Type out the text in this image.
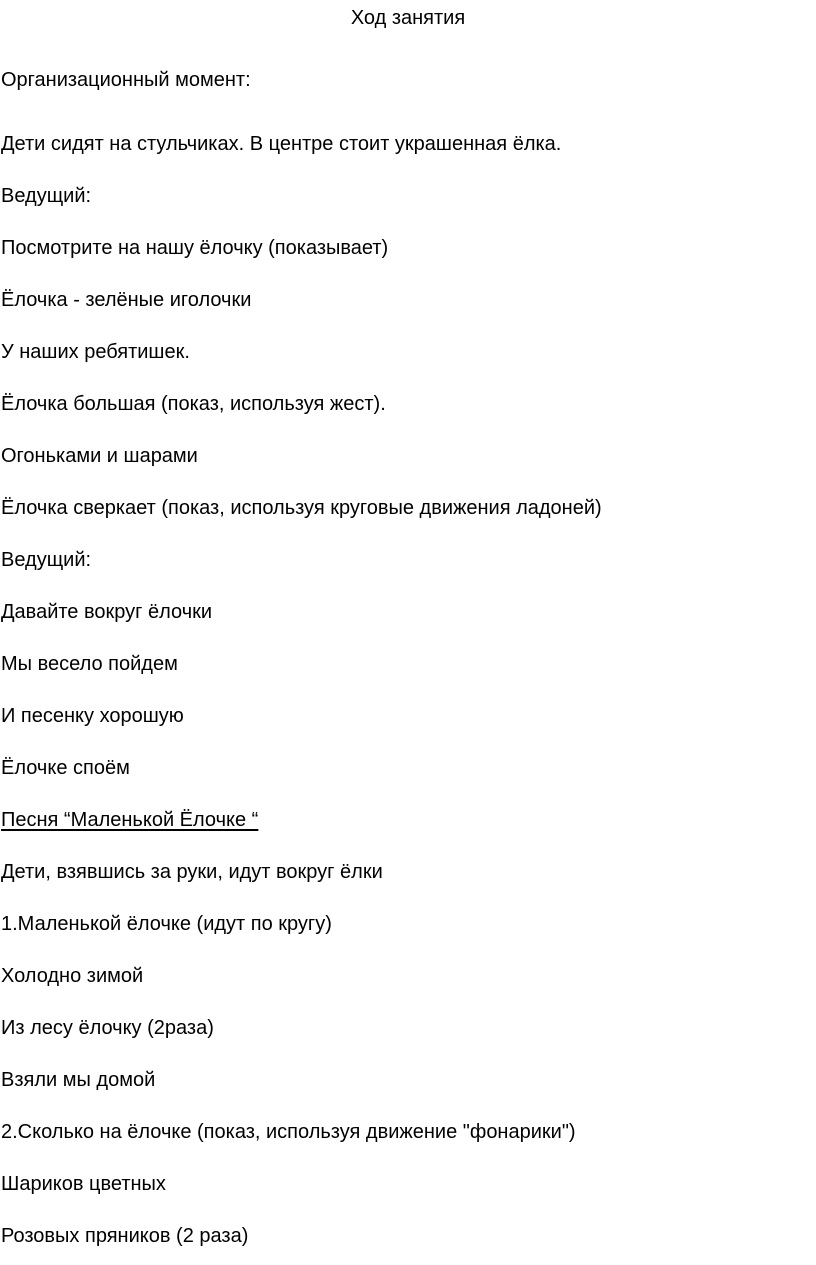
Ход занятия
Организационный момент:
Дети сидят на стульчиках. В центре стоит украшенная ёлка.
Ведущий:
Посмотрите на нашу ёлочку (показывает)
Ёлочка - зелёные иголочки
У наших ребятишек.
Ёлочка большая (показ, используя жест).
Огоньками и шарами
Ёлочка сверкает (показ, используя круговые движения ладоней)
Ведущий:
Давайте вокруг ёлочки
Мы весело пойдем
И песенку хорошую
Ёлочке споём
Песня “Маленькой Ёлочке “
Дети, взявшись за руки, идут вокруг ёлки
1.Маленькой ёлочке (идут по кругу)
Холодно зимой
Из лесу ёлочку (2раза)
Взяли мы домой
2.Сколько на ёлочке (показ, используя движение "фонарики")
Шариков цветных
Розовых пряников (2 раза)
